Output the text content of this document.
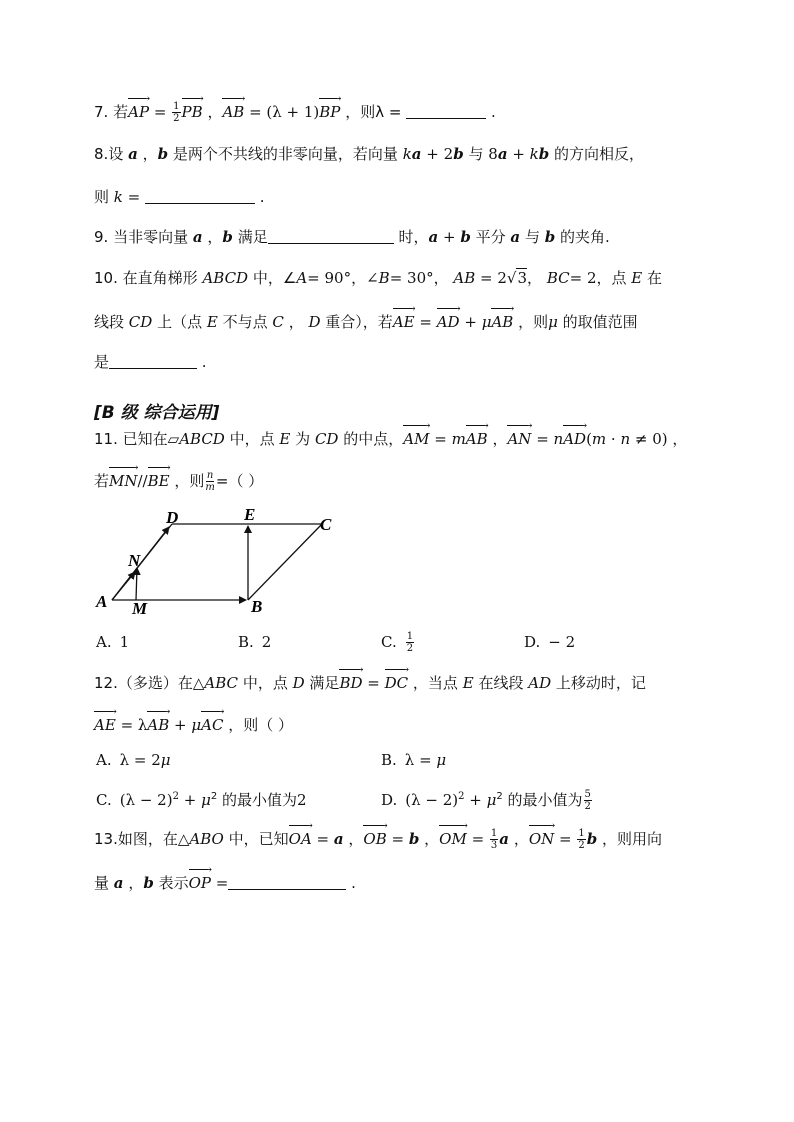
7. 若AP → = $\frac{1}{2}$ PB → ，AB → = (λ + 1)BP → ，则λ =	.
8.设 a ，b 是两个不共线的非零向量，若向量 ka + 2b 与 8a + kb 的方向相反，
则 k =	.
9. 当非零向量 a ，b 满足	时，a + b 平分 a 与 b 的夹角.
10. 在直角梯形 ABCD 中，∠A= 90°，∠B= 30°， AB = 2√3， BC= 2，点 E 在
线段 CD 上（点 E 不与点 C ， D 重合），若AE → = AD → + μAB → ，则μ 的取值范围
是	.
[B 级 综合运用]
11. 已知在▱ABCD 中，点 E 为 CD 的中点，AM → = mAB → ，AN → = nAD →(m · n ≠ 0) ，
若MN →//BE → ，则 $\frac{n}{m}$ =（ ）
A	B
C
D	E
N
M
A. 1	B. 2	C. $\frac{1}{2}$	D. − 2
12.（多选）在△ABC 中，点 D 满足BD → = DC → ，当点 E 在线段 AD 上移动时，记
AE → = λAB → + μAC → ，则（ ）
A. λ = 2μ	B. λ = μ
C. $(\lambda - 2)^2 + \mu^2$ 的最小值为2	D. $(\lambda - 2)^2 + \mu^2$ 的最小值为 $\frac{5}{2}$
13.如图，在△ABO 中，已知OA → = a ，OB → = b ，OM → = $\frac{1}{3}$ a ，ON → = $\frac{1}{2}$ b ，则用向
量 a ，b 表示OP → =	.
